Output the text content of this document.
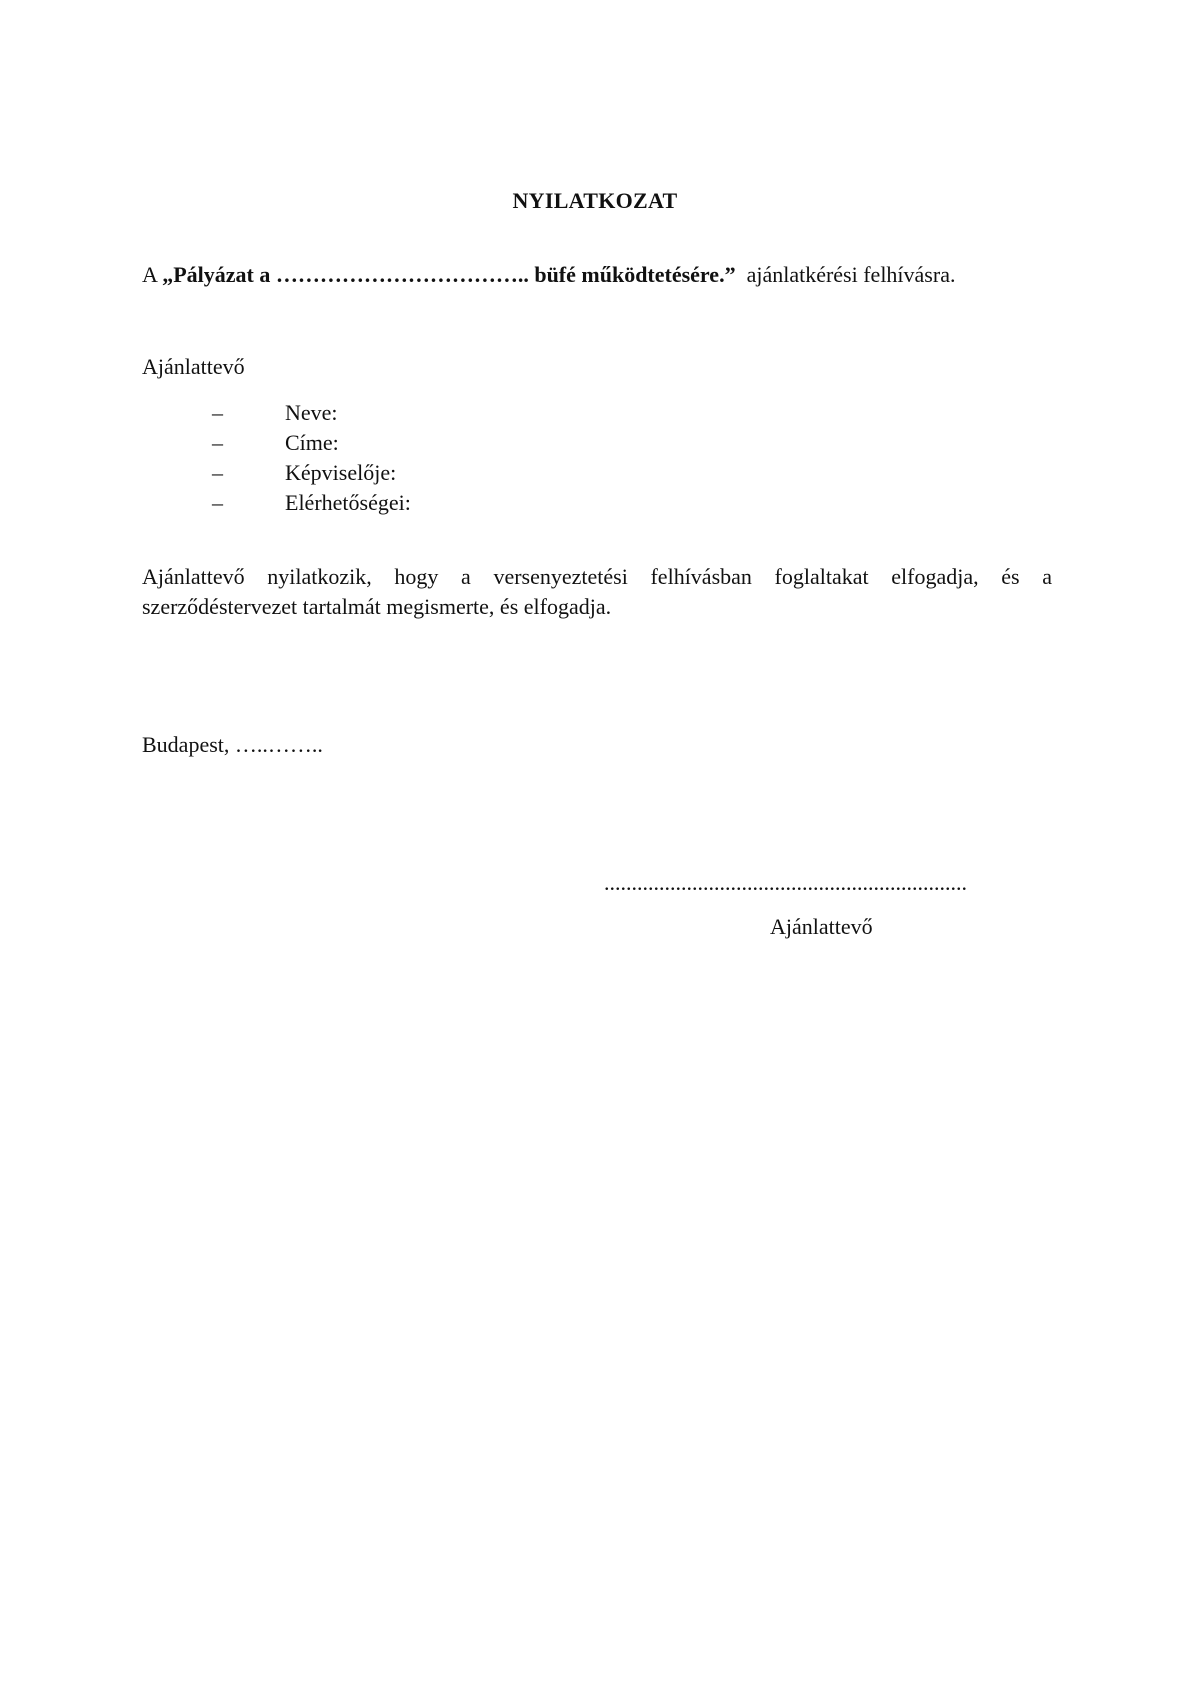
NYILATKOZAT
A „Pályázat a …………………………….. büfé működtetésére.” ajánlatkérési felhívásra.
Ajánlattevő
–	Neve:
–	Címe:
–	Képviselője:
–	Elérhetőségei:

Ajánlattevő nyilatkozik, hogy a versenyeztetési felhívásban foglaltakat elfogadja, és a szerződéstervezet tartalmát megismerte, és elfogadja.

Budapest, …..……..
..................................................................
Ajánlattevő
